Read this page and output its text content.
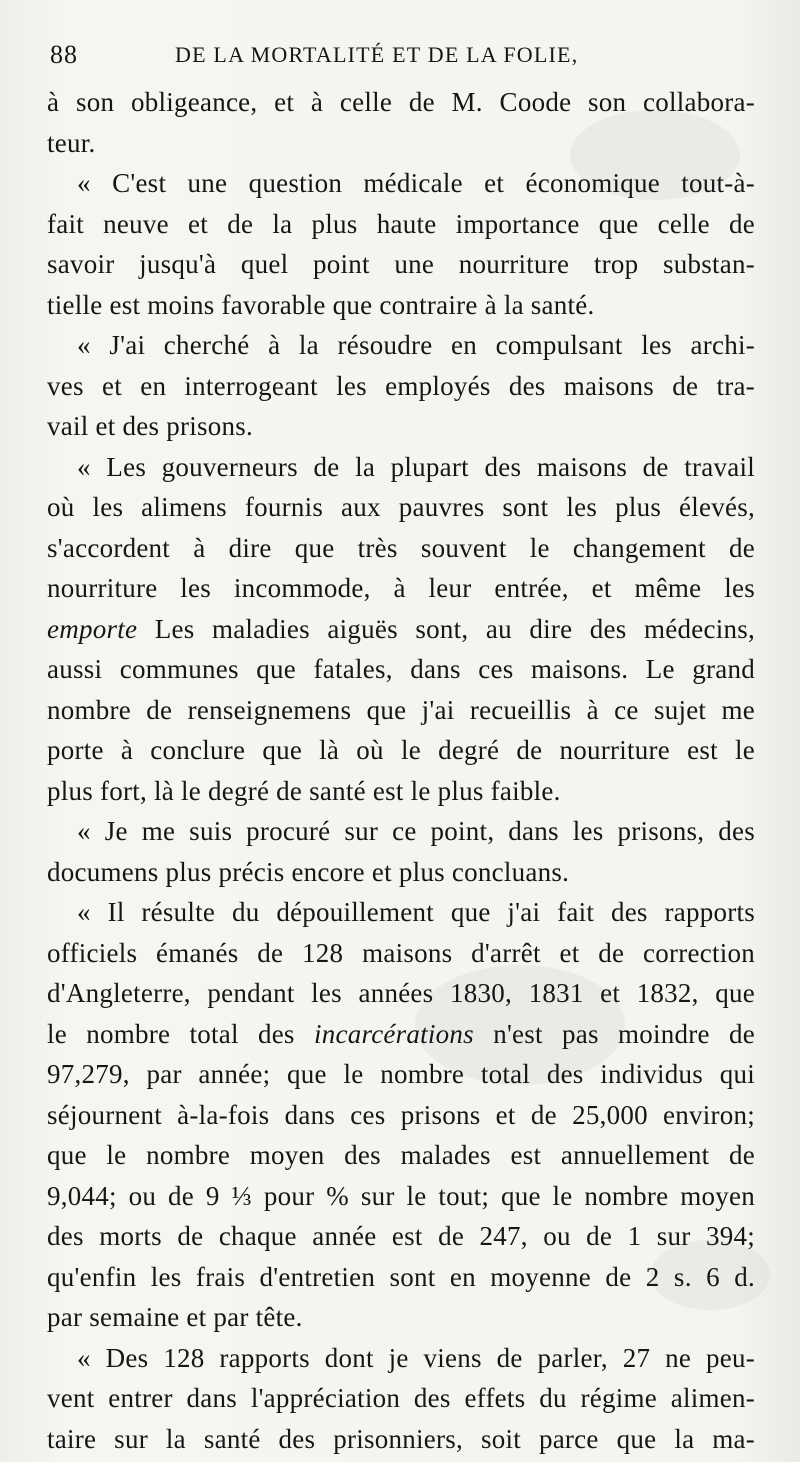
88	DE LA MORTALITÉ ET DE LA FOLIE,
à son obligeance, et à celle de M. Coode son collabora-
teur.
« C'est une question médicale et économique tout-à-
fait neuve et de la plus haute importance que celle de
savoir jusqu'à quel point une nourriture trop substan-
tielle est moins favorable que contraire à la santé.
« J'ai cherché à la résoudre en compulsant les archi-
ves et en interrogeant les employés des maisons de tra-
vail et des prisons.
« Les gouverneurs de la plupart des maisons de travail
où les alimens fournis aux pauvres sont les plus élevés,
s'accordent à dire que très souvent le changement de
nourriture les incommode, à leur entrée, et même les
emporte Les maladies aiguës sont, au dire des médecins,
aussi communes que fatales, dans ces maisons. Le grand
nombre de renseignemens que j'ai recueillis à ce sujet me
porte à conclure que là où le degré de nourriture est le
plus fort, là le degré de santé est le plus faible.
« Je me suis procuré sur ce point, dans les prisons, des
documens plus précis encore et plus concluans.
« Il résulte du dépouillement que j'ai fait des rapports
officiels émanés de 128 maisons d'arrêt et de correction
d'Angleterre, pendant les années 1830, 1831 et 1832, que
le nombre total des incarcérations n'est pas moindre de
97,279, par année; que le nombre total des individus qui
séjournent à-la-fois dans ces prisons et de 25,000 environ;
que le nombre moyen des malades est annuellement de
9,044; ou de 9 ⅓ pour % sur le tout; que le nombre moyen
des morts de chaque année est de 247, ou de 1 sur 394;
qu'enfin les frais d'entretien sont en moyenne de 2 s. 6 d.
par semaine et par tête.
« Des 128 rapports dont je viens de parler, 27 ne peu-
vent entrer dans l'appréciation des effets du régime alimen-
taire sur la santé des prisonniers, soit parce que la ma-
